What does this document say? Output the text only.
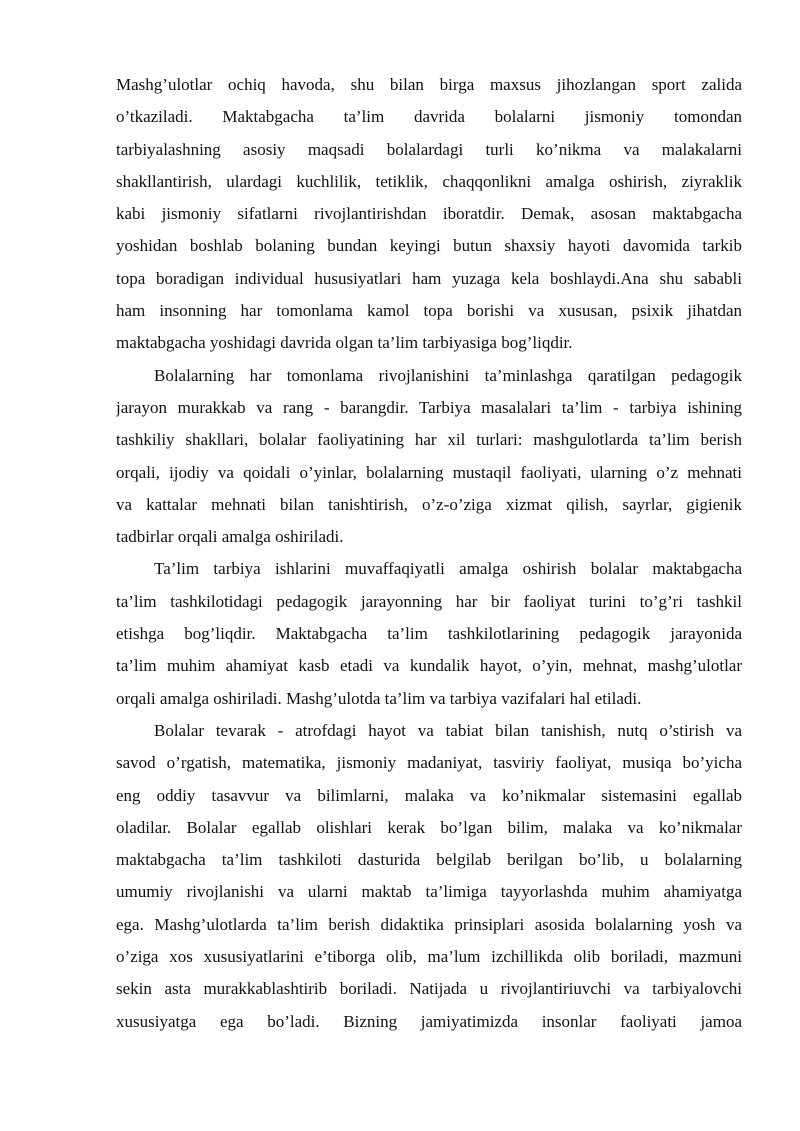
Mashg’ulotlar ochiq havoda, shu bilan birga maxsus jihozlangan sport zalida
o’tkaziladi. Maktabgacha ta’lim davrida bolalarni jismoniy tomondan
tarbiyalashning asosiy maqsadi bolalardagi turli ko’nikma va malakalarni
shakllantirish, ulardagi kuchlilik, tetiklik, chaqqonlikni amalga oshirish, ziyraklik
kabi jismoniy sifatlarni rivojlantirishdan iboratdir. Demak, asosan maktabgacha
yoshidan boshlab bolaning bundan keyingi butun shaxsiy hayoti davomida tarkib
topa boradigan individual hususiyatlari ham yuzaga kela boshlaydi.Ana shu sababli
ham insonning har tomonlama kamol topa borishi va xususan, psixik jihatdan
maktabgacha yoshidagi davrida olgan ta’lim tarbiyasiga bog’liqdir.
Bolalarning har tomonlama rivojlanishini ta’minlashga qaratilgan pedagogik
jarayon murakkab va rang - barangdir. Tarbiya masalalari ta’lim - tarbiya ishining
tashkiliy shakllari, bolalar faoliyatining har xil turlari: mashgulotlarda ta’lim berish
orqali, ijodiy va qoidali o’yinlar, bolalarning mustaqil faoliyati, ularning o’z mehnati
va kattalar mehnati bilan tanishtirish, o’z-o’ziga xizmat qilish, sayrlar, gigienik
tadbirlar orqali amalga oshiriladi.
Ta’lim tarbiya ishlarini muvaffaqiyatli amalga oshirish bolalar maktabgacha
ta’lim tashkilotidagi pedagogik jarayonning har bir faoliyat turini to’g’ri tashkil
etishga bog’liqdir. Maktabgacha ta’lim tashkilotlarining pedagogik jarayonida
ta’lim muhim ahamiyat kasb etadi va kundalik hayot, o’yin, mehnat, mashg’ulotlar
orqali amalga oshiriladi. Mashg’ulotda ta’lim va tarbiya vazifalari hal etiladi.
Bolalar tevarak - atrofdagi hayot va tabiat bilan tanishish, nutq o’stirish va
savod o’rgatish, matematika, jismoniy madaniyat, tasviriy faoliyat, musiqa bo’yicha
eng oddiy tasavvur va bilimlarni, malaka va ko’nikmalar sistemasini egallab
oladilar. Bolalar egallab olishlari kerak bo’lgan bilim, malaka va ko’nikmalar
maktabgacha ta’lim tashkiloti dasturida belgilab berilgan bo’lib, u bolalarning
umumiy rivojlanishi va ularni maktab ta’limiga tayyorlashda muhim ahamiyatga
ega. Mashg’ulotlarda ta’lim berish didaktika prinsiplari asosida bolalarning yosh va
o’ziga xos xususiyatlarini e’tiborga olib, ma’lum izchillikda olib boriladi, mazmuni
sekin asta murakkablashtirib boriladi. Natijada u rivojlantiriuvchi va tarbiyalovchi
xususiyatga ega bo’ladi. Bizning jamiyatimizda insonlar faoliyati jamoa
